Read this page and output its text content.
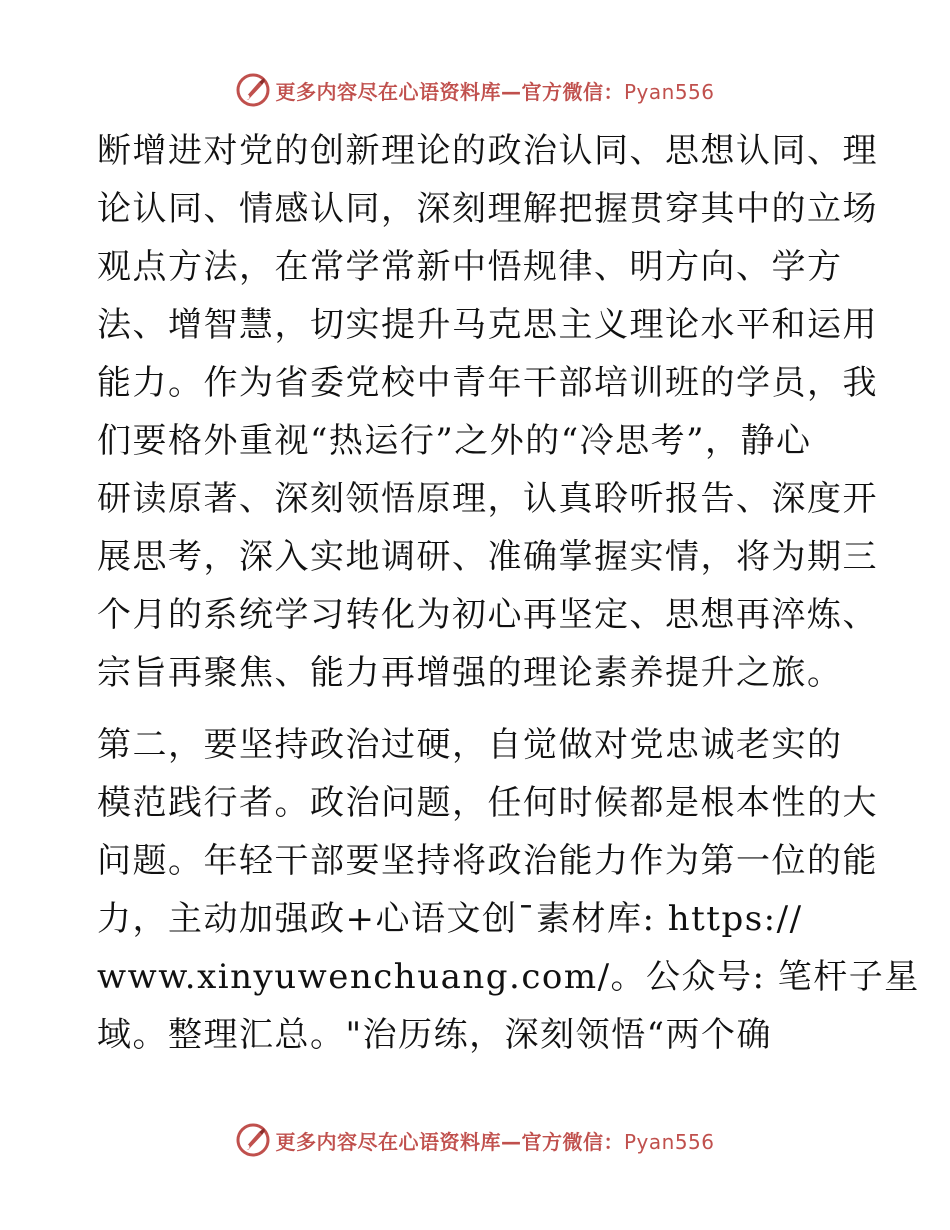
更多内容尽在心语资料库—官方微信：Pyan556
断增进对党的创新理论的政治认同、思想认同、理
论认同、情感认同，深刻理解把握贯穿其中的立场
观点方法，在常学常新中悟规律、明方向、学方
法、增智慧，切实提升马克思主义理论水平和运用
能力。作为省委党校中青年干部培训班的学员，我
们要格外重视“热运行”之外的“冷思考”，静心
研读原著、深刻领悟原理，认真聆听报告、深度开
展思考，深入实地调研、准确掌握实情，将为期三
个月的系统学习转化为初心再坚定、思想再淬炼、
宗旨再聚焦、能力再增强的理论素养提升之旅。
第二，要坚持政治过硬，自觉做对党忠诚老实的
模范践行者。政治问题，任何时候都是根本性的大
问题。年轻干部要坚持将政治能力作为第一位的能
力，主动加强政+心语文创¯素材库: https://
www.xinyuwenchuang.com/。公众号: 笔杆子星
域。整理汇总。"治历练，深刻领悟“两个确
更多内容尽在心语资料库—官方微信：Pyan556
